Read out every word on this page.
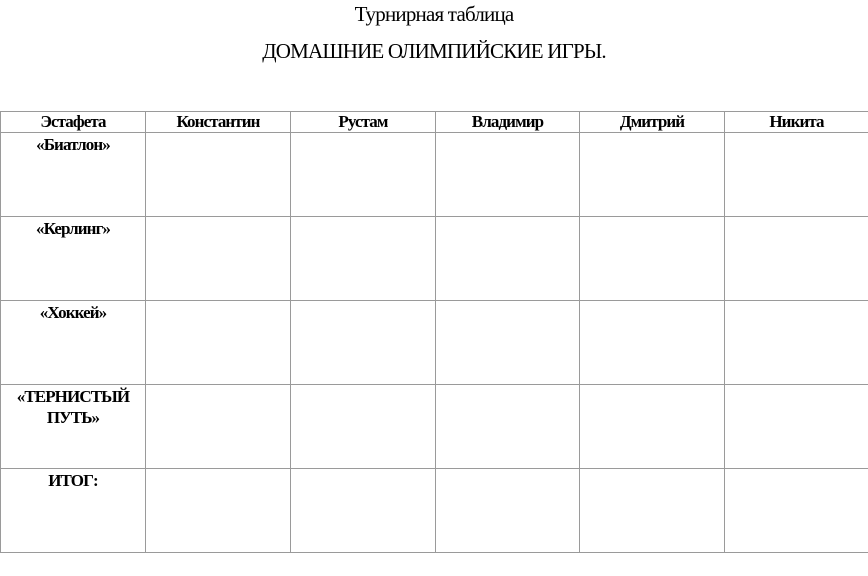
Турнирная таблица
ДОМАШНИЕ ОЛИМПИЙСКИЕ ИГРЫ.
Эстафета	Константин	Рустам	Владимир	Дмитрий	Никита
«Биатлон»					
«Керлинг»					
«Хоккей»					
«ТЕРНИСТЫЙ ПУТЬ»					
ИТОГ:					
